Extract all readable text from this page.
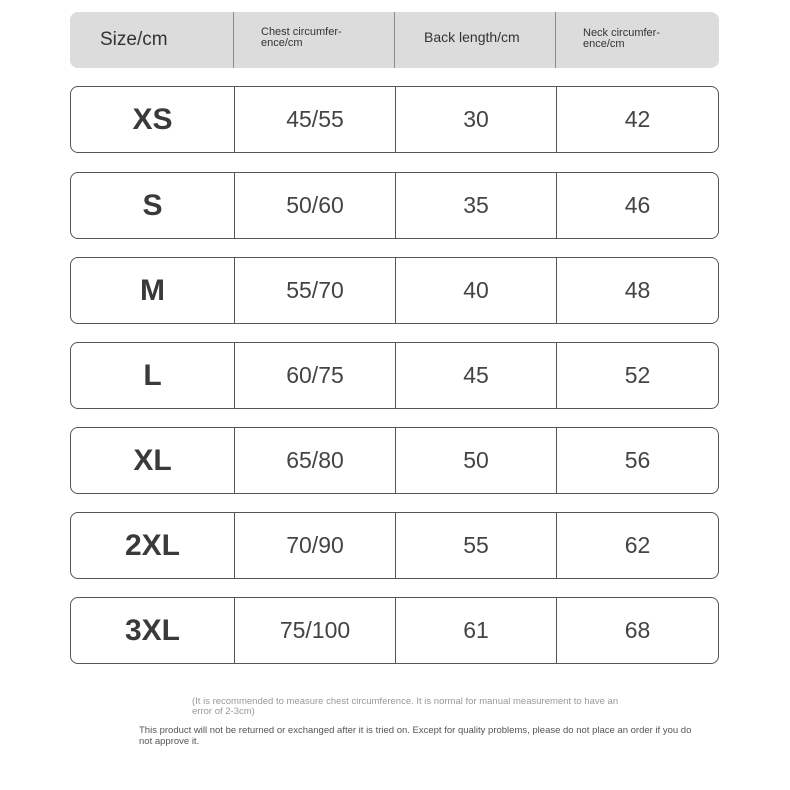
Size/cm	Chest circumfer-ence/cm	Back length/cm	Neck circumfer-ence/cm
XS	45/55	30	42
S	50/60	35	46
M	55/70	40	48
L	60/75	45	52
XL	65/80	50	56
2XL	70/90	55	62
3XL	75/100	61	68
(It is recommended to measure chest circumference. It is normal for manual measurement to have an error of 2-3cm)
This product will not be returned or exchanged after it is tried on. Except for quality problems, please do not place an order if you do not approve it.
